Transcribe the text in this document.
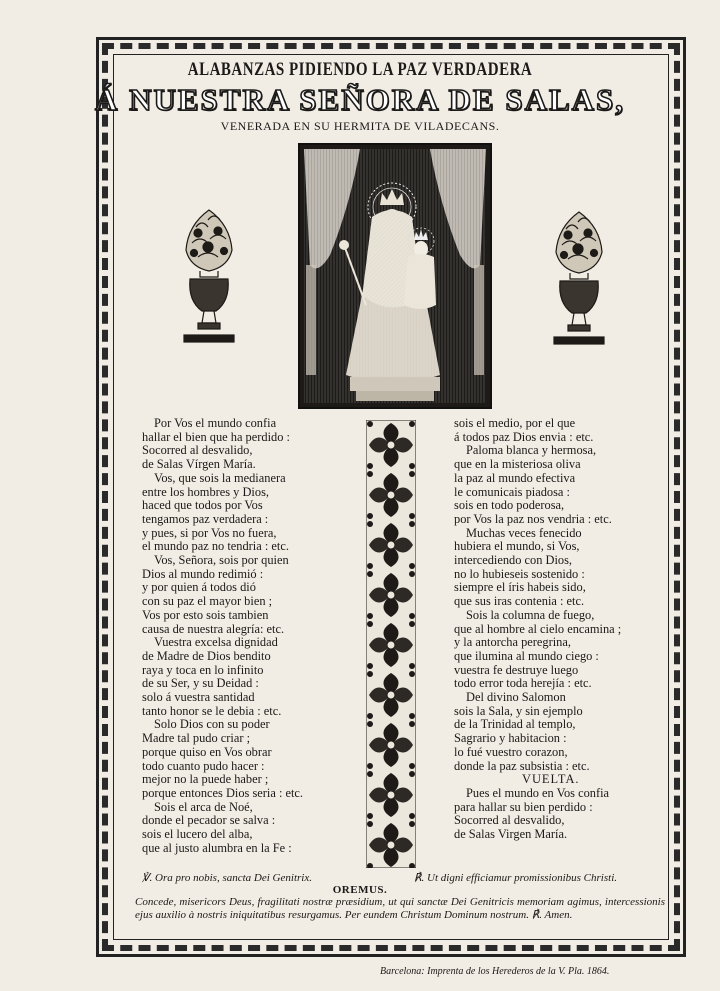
ALABANZAS PIDIENDO LA PAZ VERDADERA
Á NUESTRA SEÑORA DE SALAS,
VENERADA EN SU HERMITA DE VILADECANS.
Por Vos el mundo confia
hallar el bien que ha perdido :
Socorred al desvalido,
de Salas Vírgen María.
Vos, que sois la medianera
entre los hombres y Dios,
haced que todos por Vos
tengamos paz verdadera :
y pues, si por Vos no fuera,
el mundo paz no tendria : etc.
Vos, Señora, sois por quien
Dios al mundo redimió :
y por quien á todos dió
con su paz el mayor bien ;
Vos por esto sois tambien
causa de nuestra alegría: etc.
Vuestra excelsa dignidad
de Madre de Dios bendito
raya y toca en lo infinito
de su Ser, y su Deidad :
solo á vuestra santidad
tanto honor se le debia : etc.
Solo Dios con su poder
Madre tal pudo criar ;
porque quiso en Vos obrar
todo cuanto pudo hacer :
mejor no la puede haber ;
porque entonces Dios seria : etc.
Sois el arca de Noé,
donde el pecador se salva :
sois el lucero del alba,
que al justo alumbra en la Fe :
sois el medio, por el que
á todos paz Dios envia : etc.
Paloma blanca y hermosa,
que en la misteriosa oliva
la paz al mundo efectiva
le comunicais piadosa :
sois en todo poderosa,
por Vos la paz nos vendria : etc.
Muchas veces fenecido
hubiera el mundo, si Vos,
intercediendo con Dios,
no lo hubieseis sostenido :
siempre el íris habeis sido,
que sus iras contenia : etc.
Sois la columna de fuego,
que al hombre al cielo encamina ;
y la antorcha peregrina,
que ilumina al mundo ciego :
vuestra fe destruye luego
todo error toda herejía : etc.
Del divino Salomon
sois la Sala, y sin ejemplo
de la Trinidad al templo,
Sagrario y habitacion :
lo fué vuestro corazon,
donde la paz subsistia : etc.
VUELTA.
Pues el mundo en Vos confia
para hallar su bien perdido :
Socorred al desvalido,
de Salas Virgen María.
℣. Ora pro nobis, sancta Dei Genitrix.	℟. Ut digni efficiamur promissionibus Christi.
OREMUS.
Concede, misericors Deus, fragilitati nostræ præsidium, ut qui sanctæ Dei Genitricis memoriam agimus, intercessionis ejus auxilio à nostris iniquitatibus resurgamus. Per eundem Christum Dominum nostrum. ℟. Amen.
Barcelona: Imprenta de los Herederos de la V. Pla. 1864.
